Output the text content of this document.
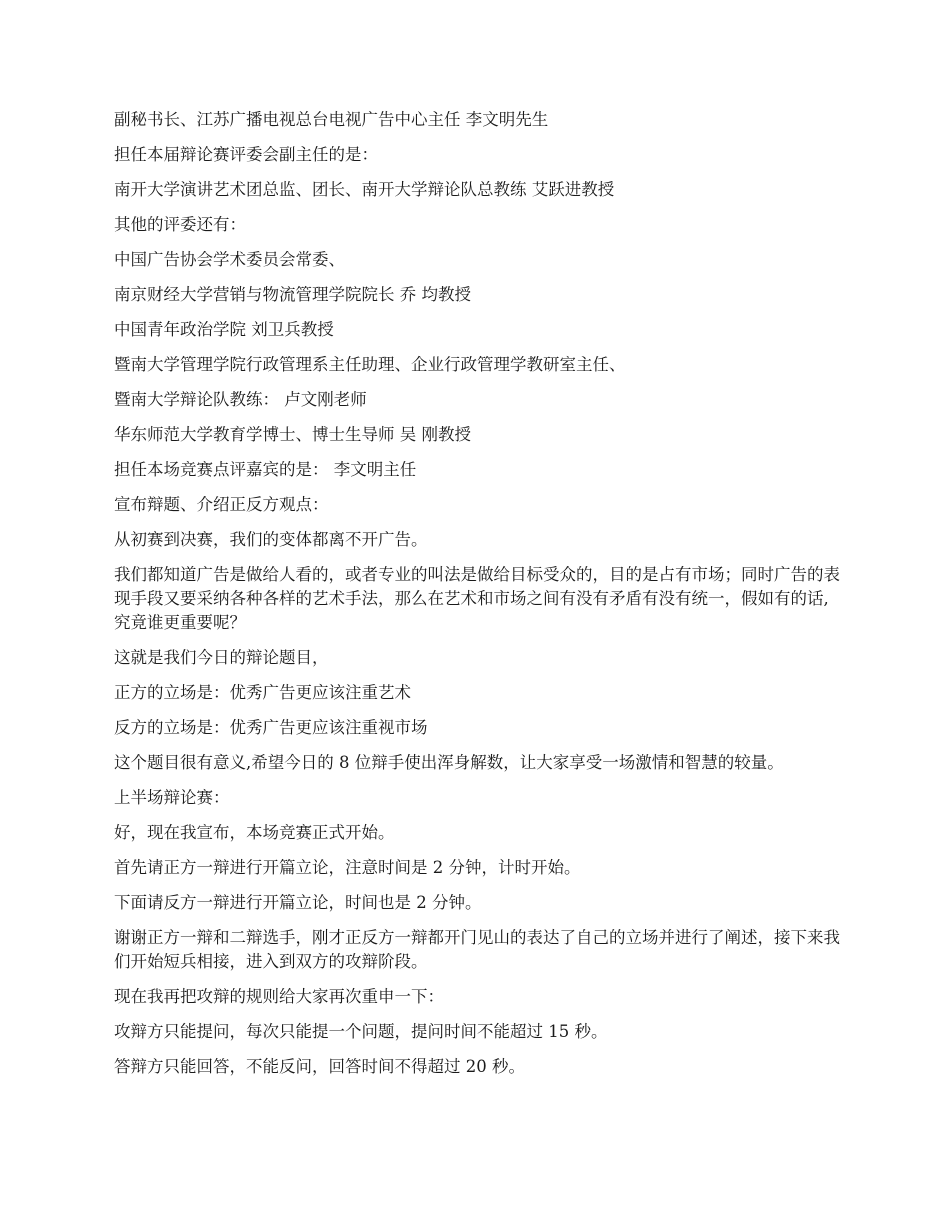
副秘书长、江苏广播电视总台电视广告中心主任 李文明先生

担任本届辩论赛评委会副主任的是：

南开大学演讲艺术团总监、团长、南开大学辩论队总教练 艾跃进教授

其他的评委还有：

中国广告协会学术委员会常委、

南京财经大学营销与物流管理学院院长 乔 均教授

中国青年政治学院 刘卫兵教授

暨南大学管理学院行政管理系主任助理、企业行政管理学教研室主任、

暨南大学辩论队教练： 卢文刚老师

华东师范大学教育学博士、博士生导师 吴 刚教授

担任本场竞赛点评嘉宾的是： 李文明主任

宣布辩题、介绍正反方观点：

从初赛到决赛，我们的变体都离不开广告。

我们都知道广告是做给人看的，或者专业的叫法是做给目标受众的，目的是占有市场；同时广告的表现手段又要采纳各种各样的艺术手法，那么在艺术和市场之间有没有矛盾有没有统一，假如有的话,究竟谁更重要呢？

这就是我们今日的辩论题目，

正方的立场是：优秀广告更应该注重艺术

反方的立场是：优秀广告更应该注重视市场

这个题目很有意义,希望今日的 8 位辩手使出浑身解数，让大家享受一场激情和智慧的较量。

上半场辩论赛：

好，现在我宣布，本场竞赛正式开始。

首先请正方一辩进行开篇立论，注意时间是 2 分钟，计时开始。

下面请反方一辩进行开篇立论，时间也是 2 分钟。

谢谢正方一辩和二辩选手，刚才正反方一辩都开门见山的表达了自己的立场并进行了阐述，接下来我们开始短兵相接，进入到双方的攻辩阶段。

现在我再把攻辩的规则给大家再次重申一下：

攻辩方只能提问，每次只能提一个问题，提问时间不能超过 15 秒。

答辩方只能回答，不能反问，回答时间不得超过 20 秒。
